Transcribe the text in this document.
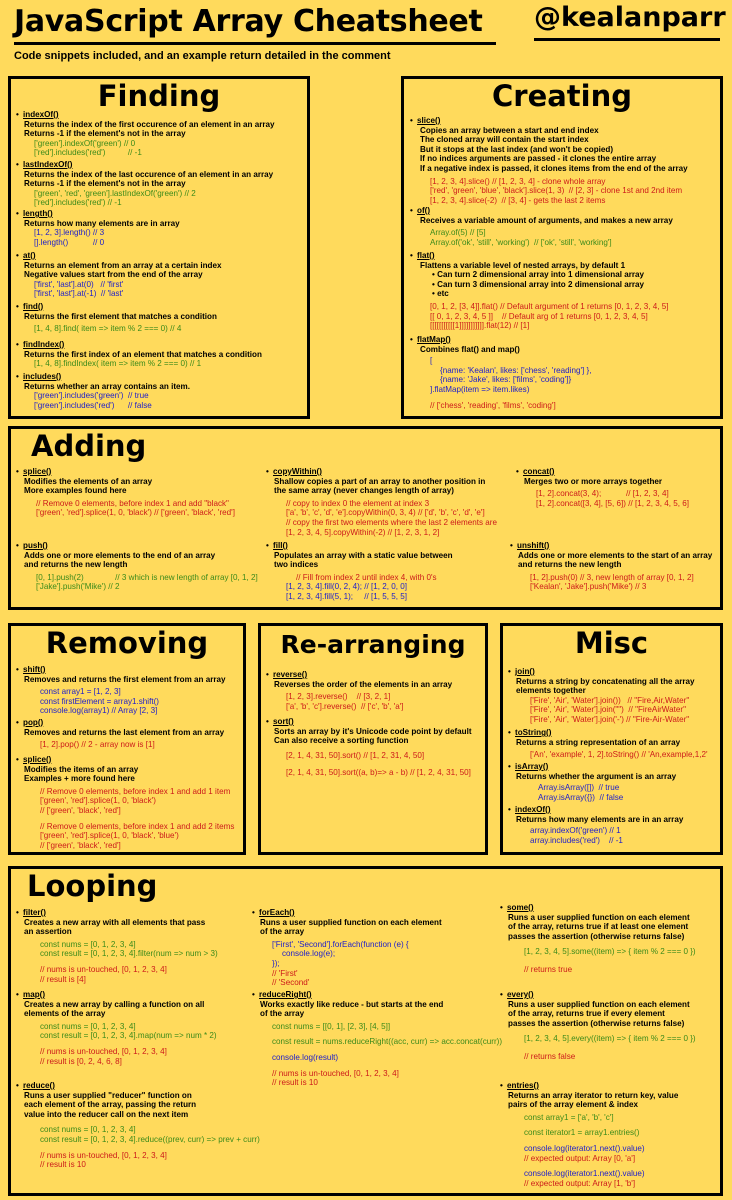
JavaScript Array Cheatsheet @kealanparr
Code snippets included, and an example return detailed in the comment
Finding
• indexOf()
Returns the index of the first occurence of an element in an array
Returns -1 if the element's not in the array
['green'].indexOf('green') // 0
['red'].includes('red')          // -1
• lastIndexOf()
Returns the index of the last occurence of an element in an array
Returns -1 if the element's not in the array
['green', 'red', 'green'].lastIndexOf('green') // 2
['red'].includes('red') // -1
• length()
Returns how many elements are in array
[1, 2, 3].length() // 3
[].length()           // 0
• at()
Returns an element from an array at a certain index
Negative values start from the end of the array
['first', 'last'].at(0)   // 'first'
['first', 'last'].at(-1)  // 'last'
• find()
Returns the first element that matches a condition
[1, 4, 8].find( item => item % 2 === 0) // 4
• findIndex()
Returns the first index of an element that matches a condition
[1, 4, 8].findIndex( item => item % 2 === 0) // 1
• includes()
Returns whether an array contains an item.
['green'].includes('green')  // true
['green'].includes('red')      // false
Creating
• slice()
Copies an array between a start and end index
The cloned array will contain the start index
But it stops at the last index (and won't be copied)
If no indices arguments are passed - it clones the entire array
If a negative index is passed, it clones items from the end of the array
[1, 2, 3, 4].slice() // [1, 2, 3, 4] - clone whole array
['red', 'green', 'blue', 'black'].slice(1, 3)  // [2, 3] - clone 1st and 2nd item
[1, 2, 3, 4].slice(-2)  // [3, 4] - gets the last 2 items
• of()
Receives a variable amount of arguments, and makes a new array
Array.of(5) // [5]
Array.of('ok', 'still', 'working')  // ['ok', 'still', 'working']
• flat()
Flattens a variable level of nested arrays, by default 1
• Can turn 2 dimensional array into 1 dimensional array
• Can turn 3 dimensional array into 2 dimensional array
• etc
[0, 1, 2, [3, 4]].flat() // Default argument of 1 returns [0, 1, 2, 3, 4, 5]
[[ 0, 1, 2, 3, 4, 5 ]]    // Default arg of 1 returns [0, 1, 2, 3, 4, 5]
[[[[[[[[[[[1]]]]]]]]]]].flat(12) // [1]
• flatMap()
Combines flat() and map()
[
{name: 'Kealan', likes: ['chess', 'reading'] },
{name: 'Jake', likes: ['films', 'coding']}
].flatMap(item => item.likes)
// ['chess', 'reading', 'films', 'coding']
Adding
• splice()
Modifies the elements of an array
More examples found here
// Remove 0 elements, before index 1 and add "black"
['green', 'red'].splice(1, 0, 'black') // ['green', 'black', 'red']
• copyWithin()
Shallow copies a part of an array to another position in
the same array (never changes length of array)
// copy to index 0 the element at index 3
['a', 'b', 'c', 'd', 'e'].copyWithin(0, 3, 4) // ['d', 'b', 'c', 'd', 'e']
// copy the first two elements where the last 2 elements are
[1, 2, 3, 4, 5].copyWithin(-2) // [1, 2, 3, 1, 2]
• concat()
Merges two or more arrays together
[1, 2].concat(3, 4);           // [1, 2, 3, 4]
[1, 2].concat([3, 4], [5, 6]) // [1, 2, 3, 4, 5, 6]
• push()
Adds one or more elements to the end of an array
and returns the new length
[0, 1].push(2)              // 3 which is new length of array [0, 1, 2]
['Jake'].push('Mike') // 2
• fill()
Populates an array with a static value between
two indices
// Fill from index 2 until index 4, with 0's
[1, 2, 3, 4].fill(0, 2, 4); // [1, 2, 0, 0]
[1, 2, 3, 4].fill(5, 1);     // [1, 5, 5, 5]
• unshift()
Adds one or more elements to the start of an array
and returns the new length
[1, 2].push(0) // 3, new length of array [0, 1, 2]
['Kealan', 'Jake'].push('Mike') // 3
Removing
• shift()
Removes and returns the first element from an array
const array1 = [1, 2, 3]
const firstElement = array1.shift()
console.log(array1) // Array [2, 3]
• pop()
Removes and returns the last element from an array
[1, 2].pop() // 2 - array now is [1]
• splice()
Modifies the items of an array
Examples + more found here
// Remove 0 elements, before index 1 and add 1 item
['green', 'red'].splice(1, 0, 'black')
// ['green', 'black', 'red']
// Remove 0 elements, before index 1 and add 2 items
['green', 'red'].splice(1, 0, 'black', 'blue')
// ['green', 'black', 'red']
Re-arranging
• reverse()
Reverses the order of the elements in an array
[1, 2, 3].reverse()    // [3, 2, 1]
['a', 'b', 'c'].reverse()  // ['c', 'b', 'a']
• sort()
Sorts an array by it's Unicode code point by default
Can also receive a sorting function
[2, 1, 4, 31, 50].sort() // [1, 2, 31, 4, 50]
[2, 1, 4, 31, 50].sort((a, b)=> a - b) // [1, 2, 4, 31, 50]
Misc
• join()
Returns a string by concatenating all the array
elements together
['Fire', 'Air', 'Water'].join())   // "Fire,Air,Water"
['Fire', 'Air', 'Water'].join("")  // "FireAirWater"
['Fire', 'Air', 'Water'].join('-') // "Fire-Air-Water"
• toString()
Returns a string representation of an array
['An', 'example', 1, 2].toString() // 'An,example,1,2'
• isArray()
Returns whether the argument is an array
Array.isArray([])  // true
Array.isArray({})  // false
• indexOf()
Returns how many elements are in an array
array.indexOf('green') // 1
array.includes('red')    // -1
Looping
• filter()
Creates a new array with all elements that pass
an assertion
const nums = [0, 1, 2, 3, 4]
const result = [0, 1, 2, 3, 4].filter(num => num > 3)
// nums is un-touched, [0, 1, 2, 3, 4]
// result is [4]
• forEach()
Runs a user supplied function on each element
of the array
['First', 'Second'].forEach(function (e) {
console.log(e);
});
// 'First'
// 'Second'
• some()
Runs a user supplied function on each element
of the array, returns true if at least one element
passes the assertion (otherwise returns false)
[1, 2, 3, 4, 5].some((item) => { item % 2 === 0 })
// returns true
• map()
Creates a new array by calling a function on all
elements of the array
const nums = [0, 1, 2, 3, 4]
const result = [0, 1, 2, 3, 4].map(num => num * 2)
// nums is un-touched, [0, 1, 2, 3, 4]
// result is [0, 2, 4, 6, 8]
• reduceRight()
Works exactly like reduce - but starts at the end
of the array
const nums = [[0, 1], [2, 3], [4, 5]]
const result = nums.reduceRight((acc, curr) => acc.concat(curr))
console.log(result)
// nums is un-touched, [0, 1, 2, 3, 4]
// result is 10
• every()
Runs a user supplied function on each element
of the array, returns true if every element
passes the assertion (otherwise returns false)
[1, 2, 3, 4, 5].every((item) => { item % 2 === 0 })
// returns false
• reduce()
Runs a user supplied "reducer" function on
each element of the array, passing the return
value into the reducer call on the next item
const nums = [0, 1, 2, 3, 4]
const result = [0, 1, 2, 3, 4].reduce((prev, curr) => prev + curr)
// nums is un-touched, [0, 1, 2, 3, 4]
// result is 10
• entries()
Returns an array iterator to return key, value
pairs of the array element & index
const array1 = ['a', 'b', 'c']
const iterator1 = array1.entries()
console.log(iterator1.next().value)
// expected output: Array [0, 'a']
console.log(iterator1.next().value)
// expected output: Array [1, 'b']
